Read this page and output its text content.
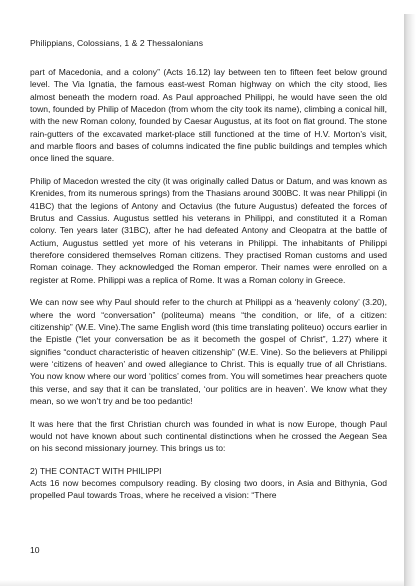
Philippians, Colossians, 1 & 2 Thessalonians

part of Macedonia, and a colony” (Acts 16.12) lay between ten to fifteen feet below ground level. The Via Ignatia, the famous east-west Roman highway on which the city stood, lies almost beneath the modern road. As Paul approached Philippi, he would have seen the old town, founded by Philip of Macedon (from whom the city took its name), climbing a conical hill, with the new Roman colony, founded by Caesar Augustus, at its foot on flat ground. The stone rain-gutters of the excavated market-place still functioned at the time of H.V. Morton’s visit, and marble floors and bases of columns indicated the fine public buildings and temples which once lined the square.

Philip of Macedon wrested the city (it was originally called Datus or Datum, and was known as Krenides, from its numerous springs) from the Thasians around 300BC. It was near Philippi (in 41BC) that the legions of Antony and Octavius (the future Augustus) defeated the forces of Brutus and Cassius. Augustus settled his veterans in Philippi, and constituted it a Roman colony. Ten years later (31BC), after he had defeated Antony and Cleopatra at the battle of Actium, Augustus settled yet more of his veterans in Philippi. The inhabitants of Philippi therefore considered themselves Roman citizens. They practised Roman customs and used Roman coinage. They acknowledged the Roman emperor. Their names were enrolled on a register at Rome. Philippi was a replica of Rome. It was a Roman colony in Greece.

We can now see why Paul should refer to the church at Philippi as a ‘heavenly colony’ (3.20), where the word “conversation” (politeuma) means “the condition, or life, of a citizen: citizenship” (W.E. Vine).The same English word (this time translating politeuo) occurs earlier in the Epistle (“let your conversation be as it becometh the gospel of Christ”, 1.27) where it signifies “conduct characteristic of heaven citizenship” (W.E. Vine). So the believers at Philippi were ‘citizens of heaven’ and owed allegiance to Christ. This is equally true of all Christians. You now know where our word ‘politics’ comes from. You will sometimes hear preachers quote this verse, and say that it can be translated, ‘our politics are in heaven’. We know what they mean, so we won’t try and be too pedantic!

It was here that the first Christian church was founded in what is now Europe, though Paul would not have known about such continental distinctions when he crossed the Aegean Sea on his second missionary journey. This brings us to:

2) THE CONTACT WITH PHILIPPI
Acts 16 now becomes compulsory reading. By closing two doors, in Asia and Bithynia, God propelled Paul towards Troas, where he received a vision: “There

10
